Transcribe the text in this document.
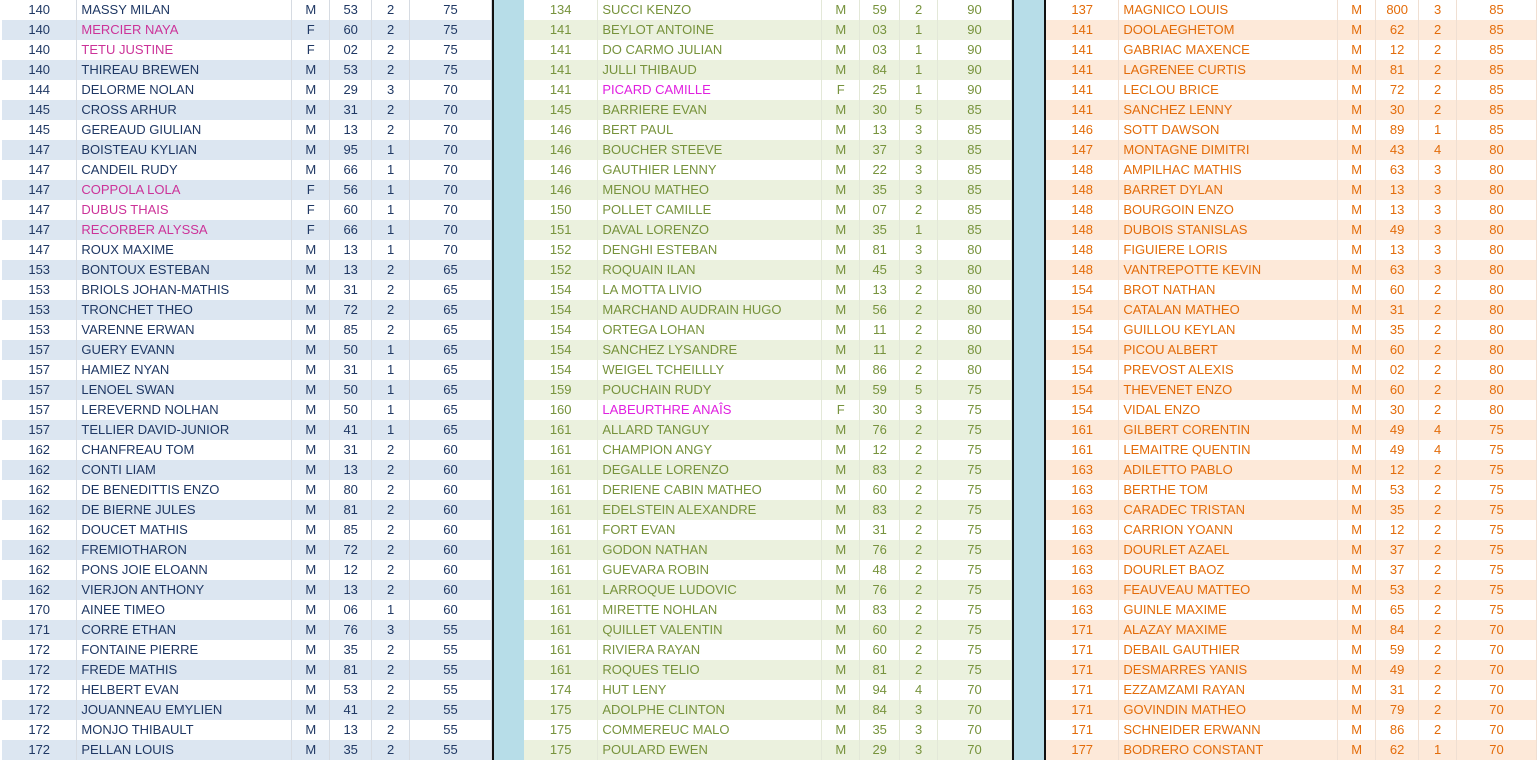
140	MASSY MILAN	M	53	2	75
140	MERCIER NAYA	F	60	2	75
140	TETU JUSTINE	F	02	2	75
140	THIREAU BREWEN	M	53	2	75
144	DELORME NOLAN	M	29	3	70
145	CROSS ARHUR	M	31	2	70
145	GEREAUD GIULIAN	M	13	2	70
147	BOISTEAU KYLIAN	M	95	1	70
147	CANDEIL RUDY	M	66	1	70
147	COPPOLA LOLA	F	56	1	70
147	DUBUS THAIS	F	60	1	70
147	RECORBER ALYSSA	F	66	1	70
147	ROUX MAXIME	M	13	1	70
153	BONTOUX ESTEBAN	M	13	2	65
153	BRIOLS JOHAN-MATHIS	M	31	2	65
153	TRONCHET THEO	M	72	2	65
153	VARENNE ERWAN	M	85	2	65
157	GUERY EVANN	M	50	1	65
157	HAMIEZ NYAN	M	31	1	65
157	LENOEL SWAN	M	50	1	65
157	LEREVERND NOLHAN	M	50	1	65
157	TELLIER DAVID-JUNIOR	M	41	1	65
162	CHANFREAU TOM	M	31	2	60
162	CONTI LIAM	M	13	2	60
162	DE BENEDITTIS ENZO	M	80	2	60
162	DE BIERNE JULES	M	81	2	60
162	DOUCET MATHIS	M	85	2	60
162	FREMIOTHARON	M	72	2	60
162	PONS JOIE ELOANN	M	12	2	60
162	VIERJON ANTHONY	M	13	2	60
170	AINEE TIMEO	M	06	1	60
171	CORRE ETHAN	M	76	3	55
172	FONTAINE PIERRE	M	35	2	55
172	FREDE MATHIS	M	81	2	55
172	HELBERT EVAN	M	53	2	55
172	JOUANNEAU EMYLIEN	M	41	2	55
172	MONJO THIBAULT	M	13	2	55
172	PELLAN LOUIS	M	35	2	55
134	SUCCI KENZO	M	59	2	90
141	BEYLOT ANTOINE	M	03	1	90
141	DO CARMO JULIAN	M	03	1	90
141	JULLI THIBAUD	M	84	1	90
141	PICARD CAMILLE	F	25	1	90
145	BARRIERE EVAN	M	30	5	85
146	BERT PAUL	M	13	3	85
146	BOUCHER STEEVE	M	37	3	85
146	GAUTHIER LENNY	M	22	3	85
146	MENOU MATHEO	M	35	3	85
150	POLLET CAMILLE	M	07	2	85
151	DAVAL LORENZO	M	35	1	85
152	DENGHI ESTEBAN	M	81	3	80
152	ROQUAIN ILAN	M	45	3	80
154	LA MOTTA LIVIO	M	13	2	80
154	MARCHAND AUDRAIN HUGO	M	56	2	80
154	ORTEGA LOHAN	M	11	2	80
154	SANCHEZ LYSANDRE	M	11	2	80
154	WEIGEL TCHEILLLY	M	86	2	80
159	POUCHAIN RUDY	M	59	5	75
160	LABEURTHRE ANAÎS	F	30	3	75
161	ALLARD TANGUY	M	76	2	75
161	CHAMPION ANGY	M	12	2	75
161	DEGALLE LORENZO	M	83	2	75
161	DERIENE CABIN MATHEO	M	60	2	75
161	EDELSTEIN ALEXANDRE	M	83	2	75
161	FORT EVAN	M	31	2	75
161	GODON NATHAN	M	76	2	75
161	GUEVARA ROBIN	M	48	2	75
161	LARROQUE LUDOVIC	M	76	2	75
161	MIRETTE NOHLAN	M	83	2	75
161	QUILLET VALENTIN	M	60	2	75
161	RIVIERA RAYAN	M	60	2	75
161	ROQUES TELIO	M	81	2	75
174	HUT LENY	M	94	4	70
175	ADOLPHE CLINTON	M	84	3	70
175	COMMEREUC MALO	M	35	3	70
175	POULARD EWEN	M	29	3	70
137	MAGNICO LOUIS	M	800	3	85
141	DOOLAEGHETOM	M	62	2	85
141	GABRIAC MAXENCE	M	12	2	85
141	LAGRENEE CURTIS	M	81	2	85
141	LECLOU BRICE	M	72	2	85
141	SANCHEZ LENNY	M	30	2	85
146	SOTT DAWSON	M	89	1	85
147	MONTAGNE DIMITRI	M	43	4	80
148	AMPILHAC MATHIS	M	63	3	80
148	BARRET DYLAN	M	13	3	80
148	BOURGOIN ENZO	M	13	3	80
148	DUBOIS STANISLAS	M	49	3	80
148	FIGUIERE LORIS	M	13	3	80
148	VANTREPOTTE KEVIN	M	63	3	80
154	BROT NATHAN	M	60	2	80
154	CATALAN MATHEO	M	31	2	80
154	GUILLOU KEYLAN	M	35	2	80
154	PICOU ALBERT	M	60	2	80
154	PREVOST ALEXIS	M	02	2	80
154	THEVENET ENZO	M	60	2	80
154	VIDAL ENZO	M	30	2	80
161	GILBERT CORENTIN	M	49	4	75
161	LEMAITRE QUENTIN	M	49	4	75
163	ADILETTO PABLO	M	12	2	75
163	BERTHE TOM	M	53	2	75
163	CARADEC TRISTAN	M	35	2	75
163	CARRION YOANN	M	12	2	75
163	DOURLET AZAEL	M	37	2	75
163	DOURLET BAOZ	M	37	2	75
163	FEAUVEAU MATTEO	M	53	2	75
163	GUINLE MAXIME	M	65	2	75
171	ALAZAY MAXIME	M	84	2	70
171	DEBAIL GAUTHIER	M	59	2	70
171	DESMARRES YANIS	M	49	2	70
171	EZZAMZAMI RAYAN	M	31	2	70
171	GOVINDIN MATHEO	M	79	2	70
171	SCHNEIDER ERWANN	M	86	2	70
177	BODRERO CONSTANT	M	62	1	70
